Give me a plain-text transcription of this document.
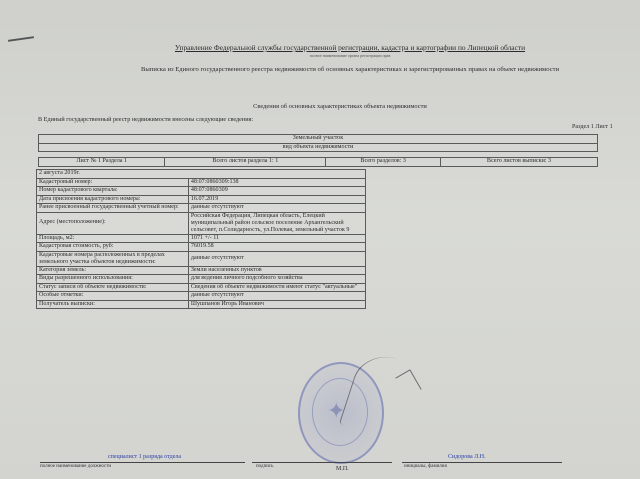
Управление Федеральной службы государственной регистрации, кадастра и картографии по Липецкой области
полное наименование органа регистрации прав
Выписка из Единого государственного реестра недвижимости об основных характеристиках и зарегистрированных правах на объект недвижимости
Сведения об основных характеристиках объекта недвижимости
В Единый государственный реестр недвижимости внесены следующие сведения:
Раздел 1 Лист 1
Земельный участок
вид объекта недвижимости
Лист № 1 Раздела 1	Всего листов раздела 1: 1	Всего разделов: 3	Всего листов выписки: 3
2 августа 2019г.	
Кадастровый номер:	48:07:0860309:138
Номер кадастрового квартала:	48:07:0860309
Дата присвоения кадастрового номера:	16.07.2019
Ранее присвоенный государственный учетный номер:	данные отсутствуют
Адрес (местоположение):	Российская Федерация, Липецкая область, Елецкий муниципальный район сельское поселение Архангельский сельсовет, п.Солидарность, ул.Полевая, земельный участок 9
Площадь, м2:	1071 +/- 11
Кадастровая стоимость, руб:	76019.58
Кадастровые номера расположенных в пределах земельного участка объектов недвижимости:	данные отсутствуют
Категория земель:	Земли населенных пунктов
Виды разрешенного использования:	для ведения личного подсобного хозяйства
Статус записи об объекте недвижимости:	Сведения об объекте недвижимости имеют статус "актуальные"
Особые отметки:	данные отсутствуют
Получатель выписки:	Шушпанов Игорь Иванович
✦
специалист 1 разряда отдела	Сидорова Л.Н.
полное наименование должности	подпись	инициалы, фамилия
М.П.
